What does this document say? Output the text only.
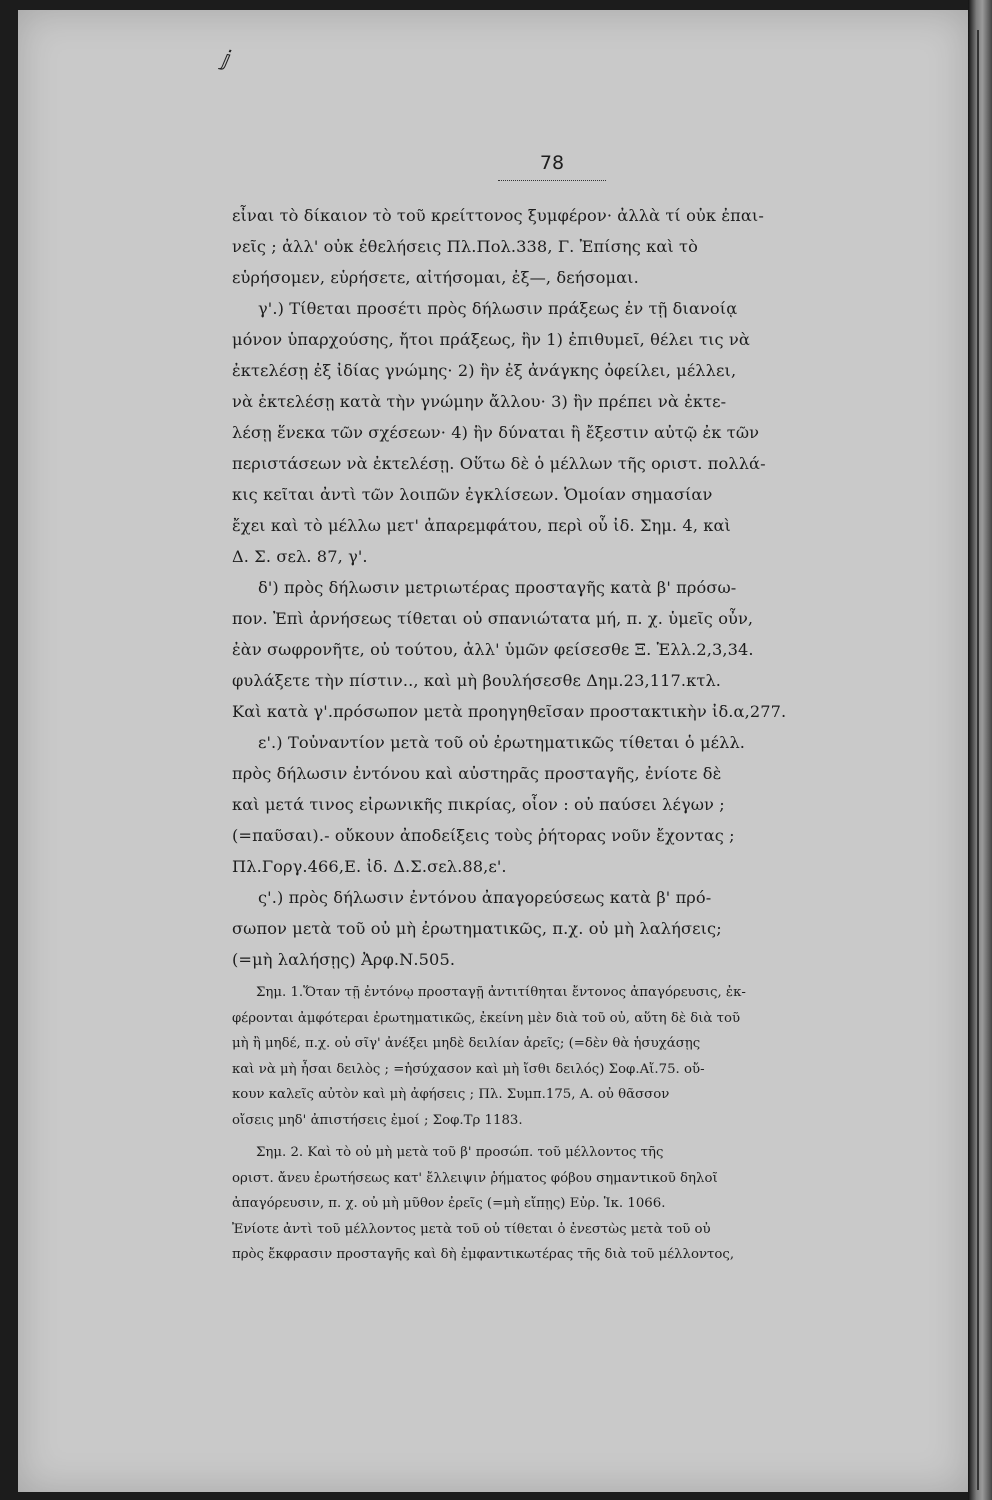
ⅉ
78
εἶναι τὸ δίκαιον τὸ τοῦ κρείττονος ξυμφέρον· ἀλλὰ τί οὐκ ἐπαι-
νεῖς ; ἀλλ' οὐκ ἐθελήσεις Πλ.Πολ.338, Γ. Ἐπίσης καὶ τὸ
εὑρήσομεν, εὑρήσετε, αἰτήσομαι, ἐξ—, δεήσομαι.
γ'.) Τίθεται προσέτι πρὸς δήλωσιν πράξεως ἐν τῇ διανοίᾳ
μόνον ὑπαρχούσης, ἤτοι πράξεως, ἣν 1) ἐπιθυμεῖ, θέλει τις νὰ
ἐκτελέσῃ ἐξ ἰδίας γνώμης· 2) ἣν ἐξ ἀνάγκης ὀφείλει, μέλλει,
νὰ ἐκτελέσῃ κατὰ τὴν γνώμην ἄλλου· 3) ἣν πρέπει νὰ ἐκτε-
λέσῃ ἕνεκα τῶν σχέσεων· 4) ἣν δύναται ἢ ἔξεστιν αὐτῷ ἐκ τῶν
περιστάσεων νὰ ἐκτελέσῃ. Οὕτω δὲ ὁ μέλλων τῆς οριστ. πολλά-
κις κεῖται ἀντὶ τῶν λοιπῶν ἐγκλίσεων. Ὁμοίαν σημασίαν
ἔχει καὶ τὸ μέλλω μετ' ἀπαρεμφάτου, περὶ οὗ ἰδ. Σημ. 4, καὶ
Δ. Σ. σελ. 87, γ'.
δ') πρὸς δήλωσιν μετριωτέρας προσταγῆς κατὰ β' πρόσω-
πον. Ἐπὶ ἀρνήσεως τίθεται οὐ σπανιώτατα μή, π. χ. ὑμεῖς οὖν,
ἐὰν σωφρονῆτε, οὐ τούτου, ἀλλ' ὑμῶν φείσεσθε Ξ. Ἑλλ.2,3,34.
φυλάξετε τὴν πίστιν.., καὶ μὴ βουλήσεσθε Δημ.23,117.κτλ.
Καὶ κατὰ γ'.πρόσωπον μετὰ προηγηθεῖσαν προστακτικὴν ἰδ.α,277.
ε'.) Τοὐναντίον μετὰ τοῦ οὐ ἐρωτηματικῶς τίθεται ὁ μέλλ.
πρὸς δήλωσιν ἐντόνου καὶ αὐστηρᾶς προσταγῆς, ἐνίοτε δὲ
καὶ μετά τινος εἰρωνικῆς πικρίας, οἷον : οὐ παύσει λέγων ;
(=παῦσαι).- οὔκουν ἀποδείξεις τοὺς ῥήτορας νοῦν ἔχοντας ;
Πλ.Γοργ.466,Ε. ἰδ. Δ.Σ.σελ.88,ε'.
ς'.) πρὸς δήλωσιν ἐντόνου ἀπαγορεύσεως κατὰ β' πρό-
σωπον μετὰ τοῦ οὐ μὴ ἐρωτηματικῶς, π.χ. οὐ μὴ λαλήσεις;
(=μὴ λαλήσῃς) Ἀρφ.Ν.505.
Σημ. 1.Ὅταν τῇ ἐντόνῳ προσταγῇ ἀντιτίθηται ἔντονος ἀπαγόρευσις, ἐκ-
φέρονται ἀμφότεραι ἐρωτηματικῶς, ἐκείνη μὲν διὰ τοῦ οὐ, αὕτη δὲ διὰ τοῦ
μὴ ἢ μηδέ, π.χ. οὐ σῖγ' ἀνέξει μηδὲ δειλίαν ἀρεῖς; (=δὲν θὰ ἡσυχάσῃς
καὶ νὰ μὴ ἦσαι δειλὸς ; =ἡσύχασον καὶ μὴ ἴσθι δειλός) Σοφ.Αἴ.75. οὔ-
κουν καλεῖς αὐτὸν καὶ μὴ ἀφήσεις ; Πλ. Συμπ.175, Α. οὐ θᾶσσον
οἴσεις μηδ' ἀπιστήσεις ἐμοί ; Σοφ.Τρ 1183.
Σημ. 2. Καὶ τὸ οὐ μὴ μετὰ τοῦ β' προσώπ. τοῦ μέλλοντος τῆς
οριστ. ἄνευ ἐρωτήσεως κατ' ἔλλειψιν ῥήματος φόβου σημαντικοῦ δηλοῖ
ἀπαγόρευσιν, π. χ. οὐ μὴ μῦθον ἐρεῖς (=μὴ εἴπῃς) Εὐρ. Ἱκ. 1066.
Ἐνίοτε ἀντὶ τοῦ μέλλοντος μετὰ τοῦ οὐ τίθεται ὁ ἐνεστὼς μετὰ τοῦ οὐ
πρὸς ἔκφρασιν προσταγῆς καὶ δὴ ἐμφαντικωτέρας τῆς διὰ τοῦ μέλλοντος,
